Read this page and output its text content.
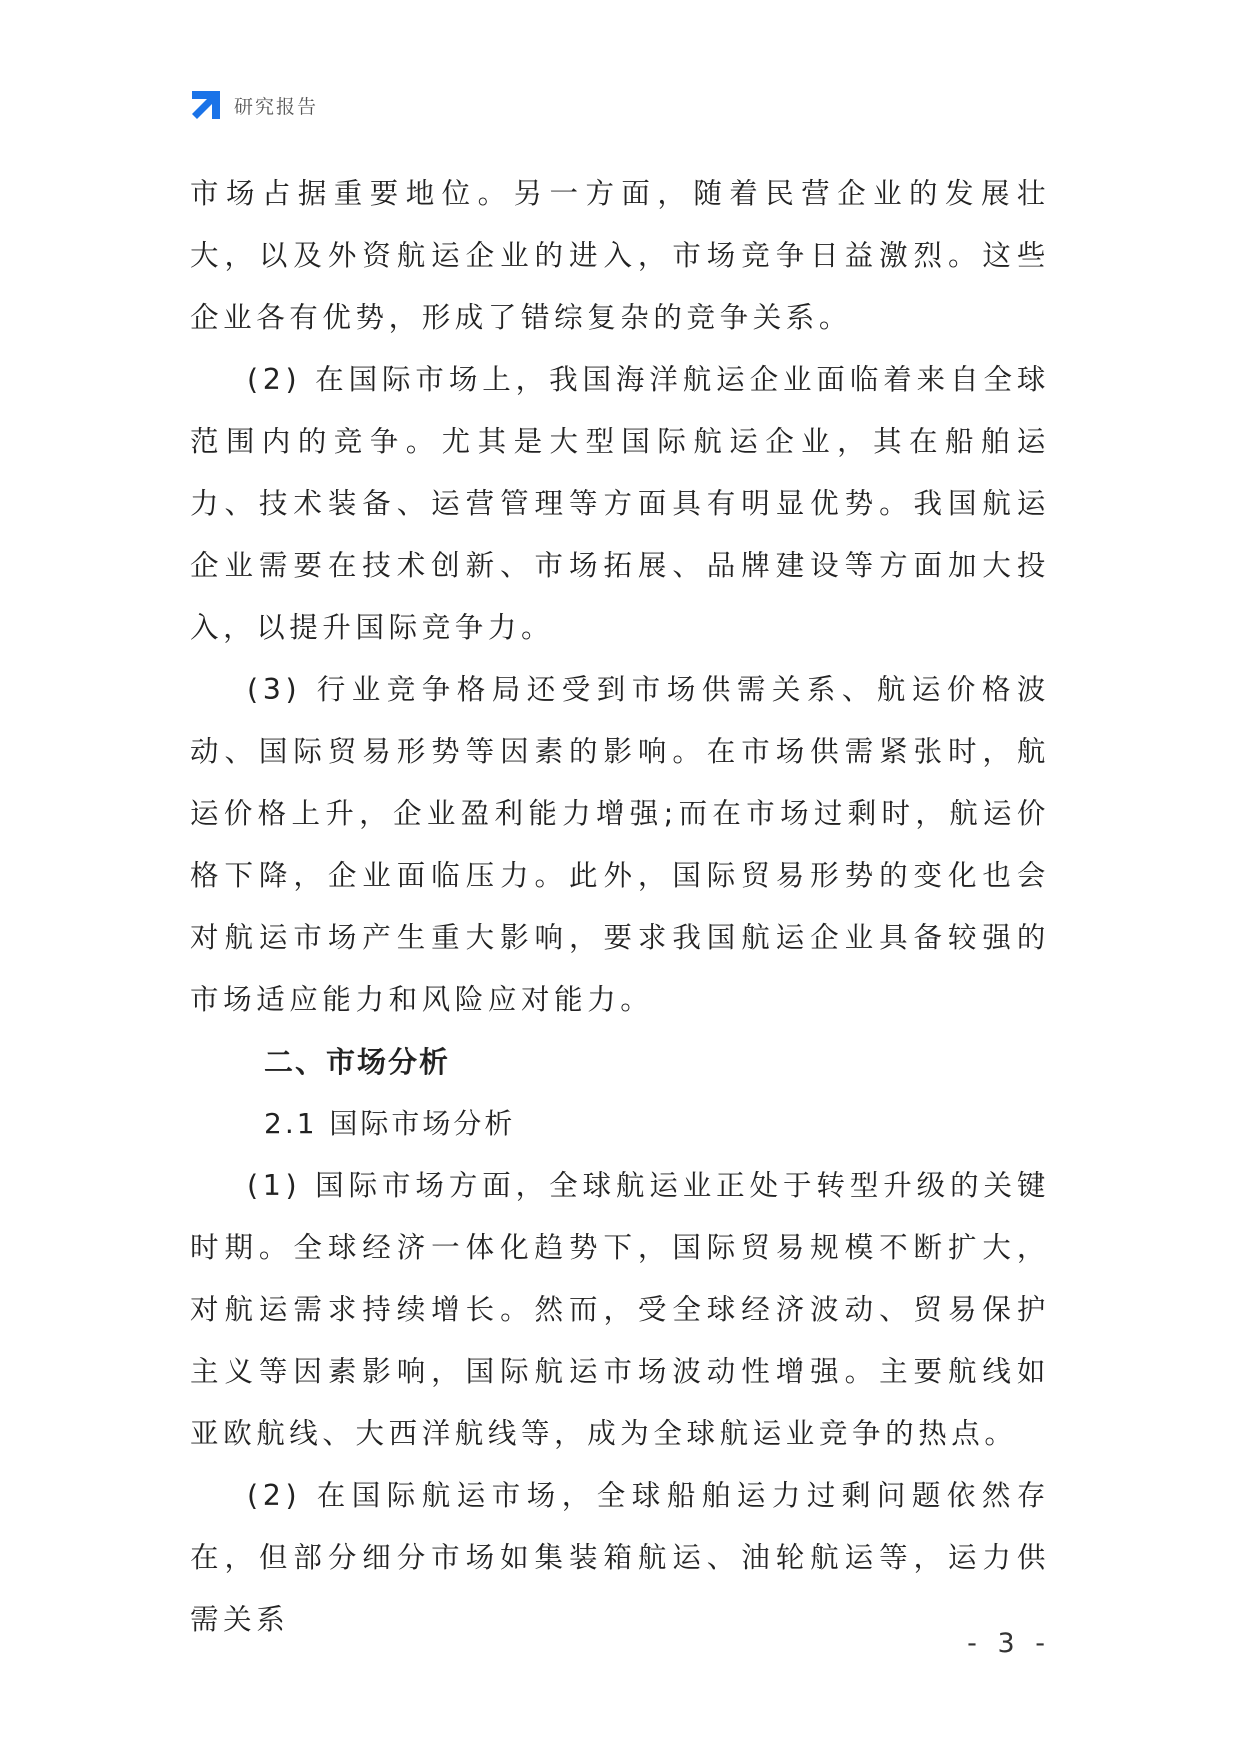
研究报告

市场占据重要地位。另一方面，随着民营企业的发展壮大，以及外资航运企业的进入，市场竞争日益激烈。这些企业各有优势，形成了错综复杂的竞争关系。

(2) 在国际市场上，我国海洋航运企业面临着来自全球范围内的竞争。尤其是大型国际航运企业，其在船舶运力、技术装备、运营管理等方面具有明显优势。我国航运企业需要在技术创新、市场拓展、品牌建设等方面加大投入，以提升国际竞争力。

(3) 行业竞争格局还受到市场供需关系、航运价格波动、国际贸易形势等因素的影响。在市场供需紧张时，航运价格上升，企业盈利能力增强;而在市场过剩时，航运价格下降，企业面临压力。此外，国际贸易形势的变化也会对航运市场产生重大影响，要求我国航运企业具备较强的市场适应能力和风险应对能力。

二、市场分析

2.1 国际市场分析

(1) 国际市场方面，全球航运业正处于转型升级的关键时期。全球经济一体化趋势下，国际贸易规模不断扩大，对航运需求持续增长。然而，受全球经济波动、贸易保护主义等因素影响，国际航运市场波动性增强。主要航线如亚欧航线、大西洋航线等，成为全球航运业竞争的热点。

(2) 在国际航运市场，全球船舶运力过剩问题依然存在，但部分细分市场如集装箱航运、油轮航运等，运力供需关系

- 3 -
